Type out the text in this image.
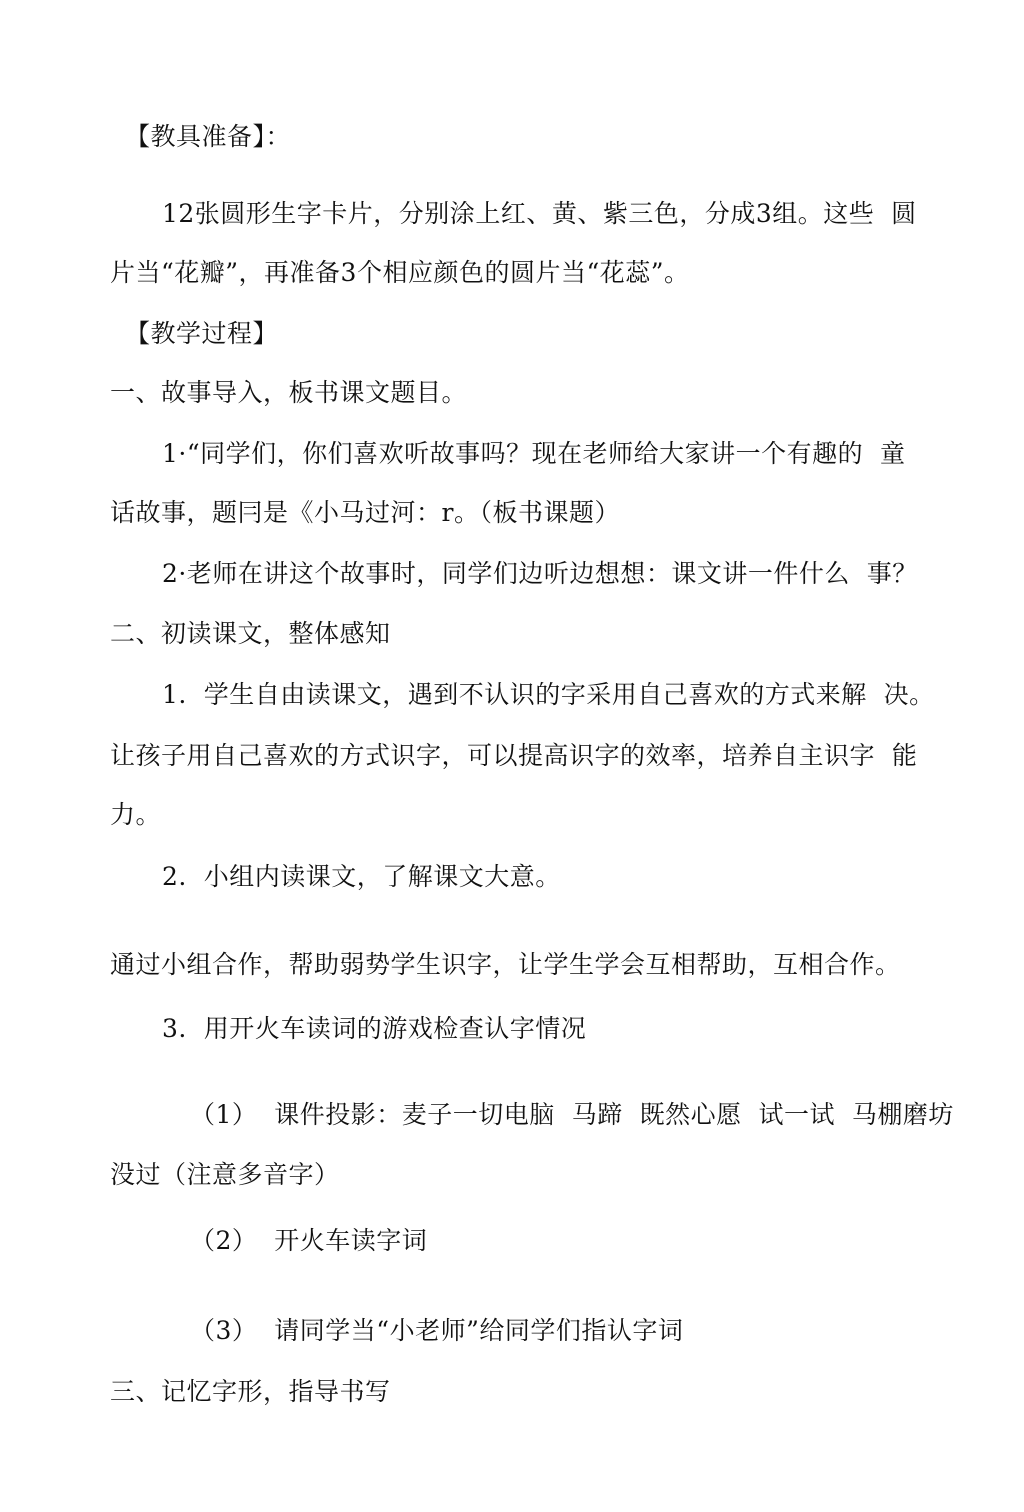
【教具准备】：
12张圆形生字卡片，分别涂上红、黄、紫三色，分成3组。这些  圆
片当“花瓣”，再准备3个相应颜色的圆片当“花蕊”。
【教学过程】
一、故事导入，板书课文题目。
1·“同学们，你们喜欢听故事吗？现在老师给大家讲一个有趣的  童
话故事，题冃是《小马过河：r。（板书课题）
2·老师在讲这个故事时，同学们边听边想想：课文讲一件什么  事？
二、初读课文，整体感知
1.  学生自由读课文，遇到不认识的字采用自己喜欢的方式来解  决。
让孩子用自己喜欢的方式识字，可以提高识字的效率，培养自主识字  能
力。
2.  小组内读课文，了解课文大意。
通过小组合作，帮助弱势学生识字，让学生学会互相帮助，互相合作。
3.  用开火车读词的游戏检查认字情况
（1）  课件投影：麦子一切电脑  马蹄  既然心愿  试一试  马棚磨坊
没过（注意多音字）
（2）  开火车读字词
（3）  请同学当“小老师”给同学们指认字词
三、记忆字形，指导书写
